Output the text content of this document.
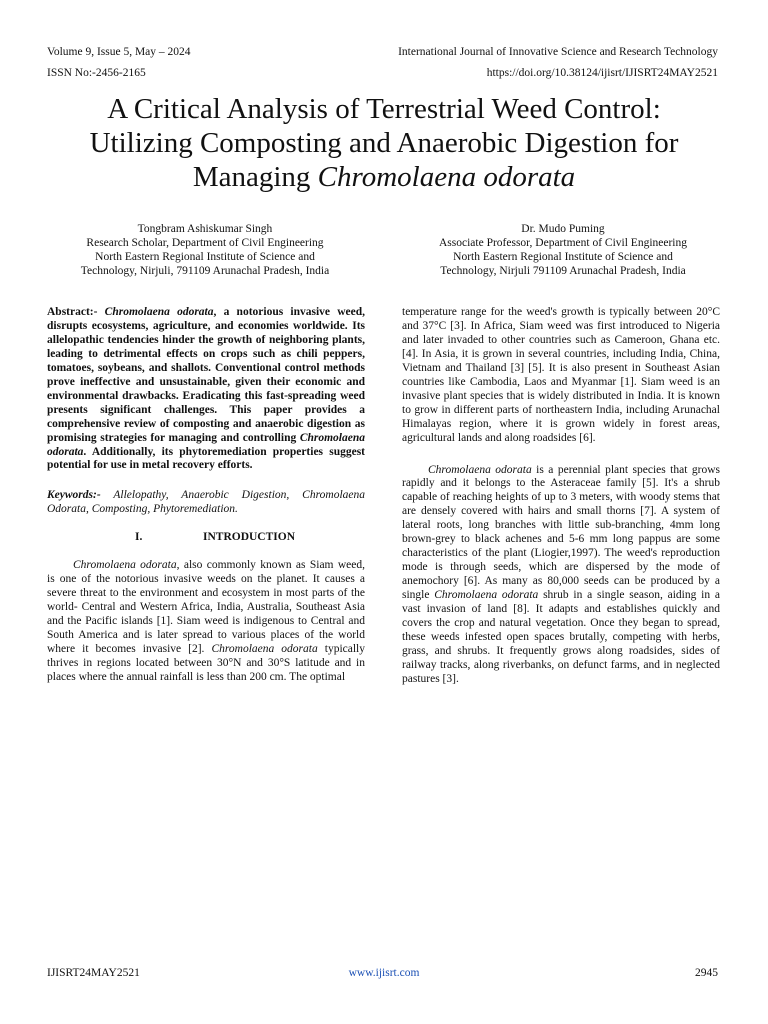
Volume 9, Issue 5, May – 2024	International Journal of Innovative Science and Research Technology
ISSN No:-2456-2165	https://doi.org/10.38124/ijisrt/IJISRT24MAY2521
A Critical Analysis of Terrestrial Weed Control:
Utilizing Composting and Anaerobic Digestion for
Managing Chromolaena odorata
Tongbram Ashiskumar Singh
Research Scholar, Department of Civil Engineering
North Eastern Regional Institute of Science and
Technology, Nirjuli, 791109 Arunachal Pradesh, India
Dr. Mudo Puming
Associate Professor, Department of Civil Engineering
North Eastern Regional Institute of Science and
Technology, Nirjuli 791109 Arunachal Pradesh, India

Abstract:- Chromolaena odorata, a notorious invasive weed, disrupts ecosystems, agriculture, and economies worldwide. Its allelopathic tendencies hinder the growth of neighboring plants, leading to detrimental effects on crops such as chili peppers, tomatoes, soybeans, and shallots. Conventional control methods prove ineffective and unsustainable, given their economic and environmental drawbacks. Eradicating this fast-spreading weed presents significant challenges. This paper provides a comprehensive review of composting and anaerobic digestion as promising strategies for managing and controlling Chromolaena odorata. Additionally, its phytoremediation properties suggest potential for use in metal recovery efforts.

Keywords:- Allelopathy, Anaerobic Digestion, Chromolaena Odorata, Composting, Phytoremediation.

I.	INTRODUCTION

Chromolaena odorata, also commonly known as Siam weed, is one of the notorious invasive weeds on the planet. It causes a severe threat to the environment and ecosystem in most parts of the world- Central and Western Africa, India, Australia, Southeast Asia and the Pacific islands [1]. Siam weed is indigenous to Central and South America and is later spread to various places of the world where it becomes invasive [2]. Chromolaena odorata typically thrives in regions located between 30°N and 30°S latitude and in places where the annual rainfall is less than 200 cm. The optimal

temperature range for the weed's growth is typically between 20°C and 37°C [3]. In Africa, Siam weed was first introduced to Nigeria and later invaded to other countries such as Cameroon, Ghana etc. [4]. In Asia, it is grown in several countries, including India, China, Vietnam and Thailand [3] [5]. It is also present in Southeast Asian countries like Cambodia, Laos and Myanmar [1]. Siam weed is an invasive plant species that is widely distributed in India. It is known to grow in different parts of northeastern India, including Arunachal Himalayas region, where it is grown widely in forest areas, agricultural lands and along roadsides [6].

Chromolaena odorata is a perennial plant species that grows rapidly and it belongs to the Asteraceae family [5]. It's a shrub capable of reaching heights of up to 3 meters, with woody stems that are densely covered with hairs and small thorns [7]. A system of lateral roots, long branches with little sub-branching, 4mm long brown-grey to black achenes and 5-6 mm long pappus are some characteristics of the plant (Liogier,1997). The weed's reproduction mode is through seeds, which are dispersed by the mode of anemochory [6]. As many as 80,000 seeds can be produced by a single Chromolaena odorata shrub in a single season, aiding in a vast invasion of land [8]. It adapts and establishes quickly and covers the crop and natural vegetation. Once they began to spread, these weeds infested open spaces brutally, competing with herbs, grass, and shrubs. It frequently grows along roadsides, sides of railway tracks, along riverbanks, on defunct farms, and in neglected pastures [3].

IJISRT24MAY2521	www.ijisrt.com	2945
